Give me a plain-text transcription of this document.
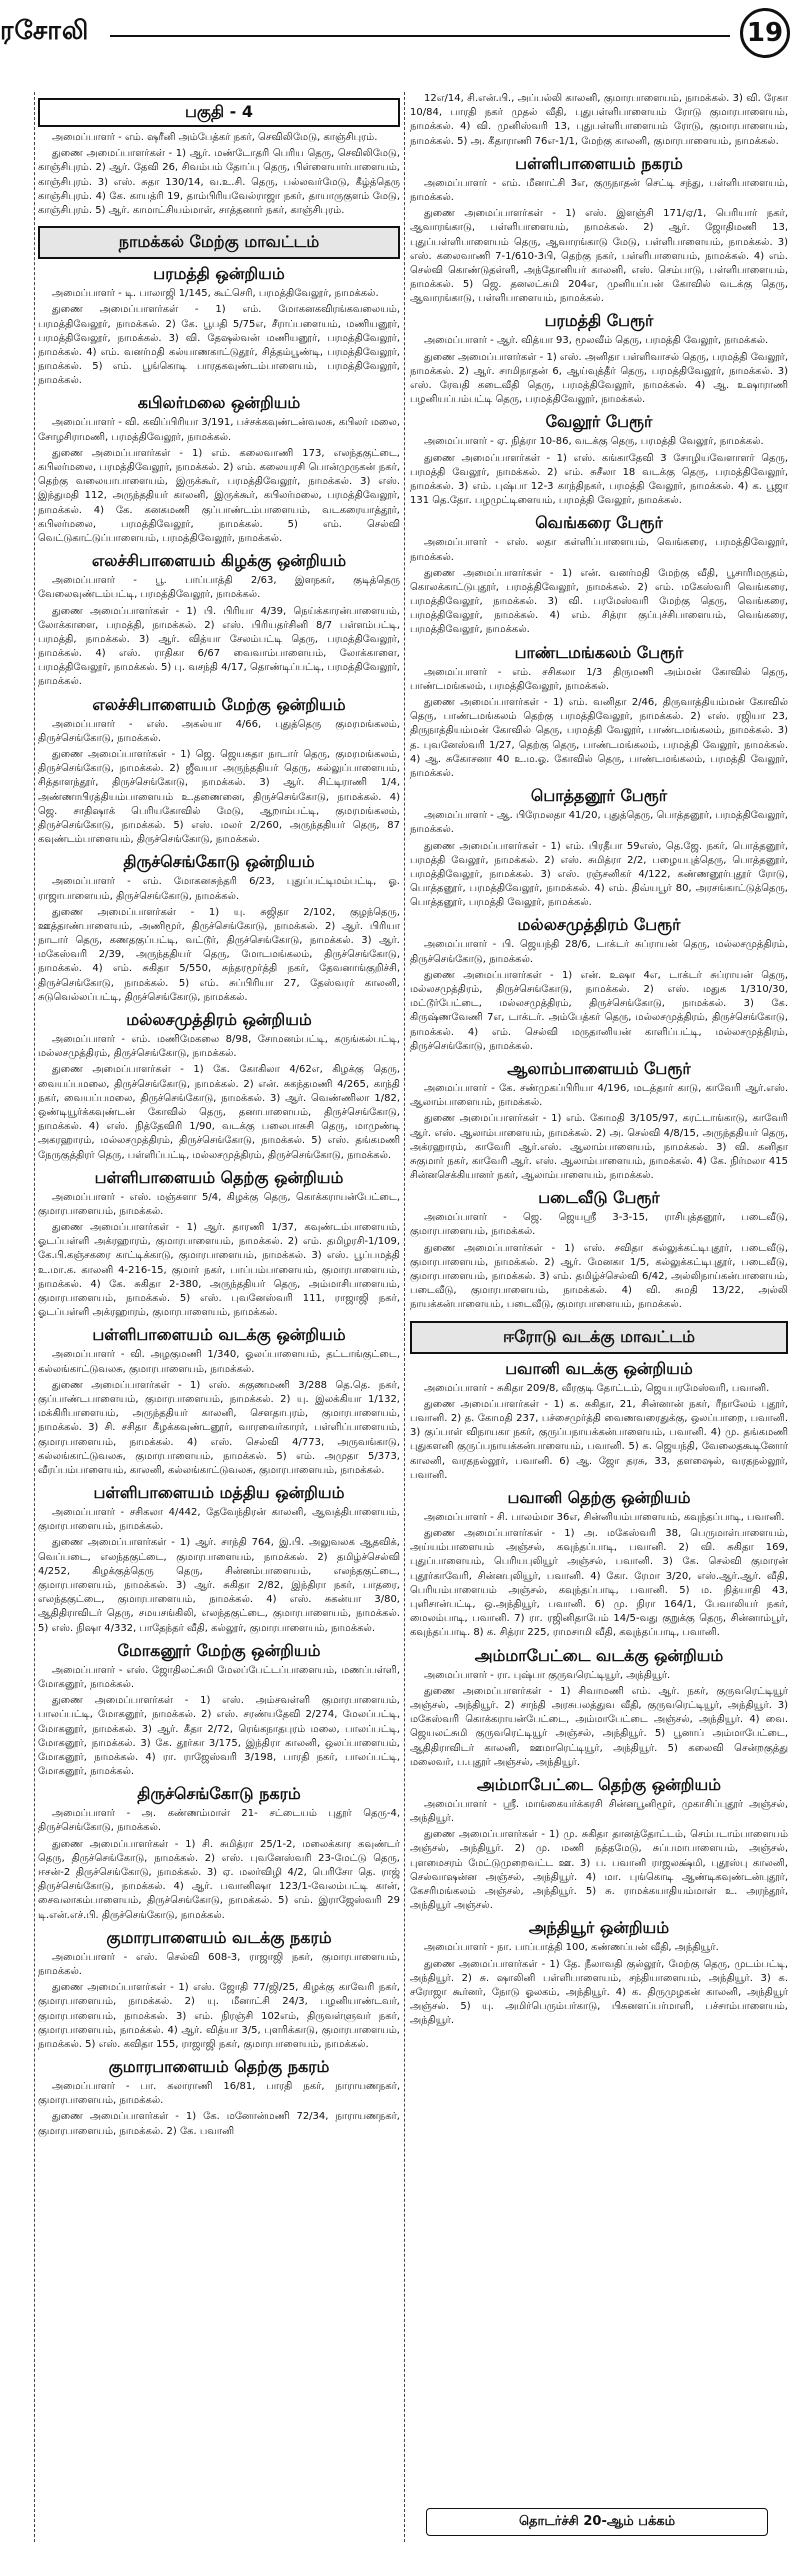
ரசோலி	19
பகுதி - 4
அமைப்பாளர் - எம். ஷரீனி அம்பேத்கர் நகர், செவிலிமேடு, காஞ்சிபுரம்.
துணை அமைப்பாளர்கள் - 1) ஆர். மண்டோதரி பெரிய தெரு, செவிலிமேடு, காஞ்சிபுரம். 2) ஆர். தேவி 26, சிவம்பம் தோப்பு தெரு, பிள்ளையார்பாளையம், காஞ்சிபுரம். 3) எஸ். சுதா 130/14, வ.உ.சி. தெரு, பல்லவர்மேடு, கீழ்த்தெரு காஞ்சிபுரம். 4) கே. காயத்ரி 19, தாம்பிரியவேல்ராஜா நகர், தாயாருகுளம் மேடு, காஞ்சிபுரம். 5) ஆர். காமாட்சியம்மாள், சாத்தனார் நகர், காஞ்சிபுரம்.
நாமக்கல் மேற்கு மாவட்டம்
பரமத்தி ஒன்றியம்
அமைப்பாளர் - டி. பாலாஜி 1/145, கூட்செரி, பரமத்திவேலூர், நாமக்கல்.
துணை அமைப்பாளர்கள் - 1) எம். மோகனகவிரங்கவலையம், பரமத்திவேலூர், நாமக்கல். 2) கே. பூபதி 5/75எ, சீராப்பளையம், மணியனூர், பரமத்திவேலூர், நாமக்கல். 3) வி. தேஷல்வன் மணியனூர், பரமத்திவேலூர், நாமக்கல். 4) எம். வனர்மதி கல்யாணகாட்டுதூர், சித்தம்பூண்டி, பரமத்திவேலூர், நாமக்கல். 5) எம். பூங்கொடி பாரதகவுண்டம்பாளையம், பரமத்திவேலூர், நாமக்கல்.
கபிலர்மலை ஒன்றியம்
அமைப்பாளர் - வி. கவிப்பிரியா 3/191, பச்சக்கவுண்டன்வலசு, கபிலர் மலை, சோழசிராமணி, பரமத்திவேலூர், நாமக்கல்.
துணை அமைப்பாளர்கள் - 1) எம். கலைவாணி 173, எலந்தகுட்டை, கபிலர்மலை, பரமத்திவேலூர், நாமக்கல். 2) எம். கலையரசி பொன்முருகன் நகர், தெற்கு வலையாபாளையம், இருக்கூர், பரமத்திவேலூர், நாமக்கல். 3) எஸ். இந்துமதி 112, அருந்ததியர் காலனி, இருக்கூர், கபிலர்மலை, பரமத்திவேலூர், நாமக்கல். 4) கே. கனகமணி குப்பாண்டம்பாளையம், வடகரையாத்தூர், கபிலர்மலை, பரமத்திவேலூர், நாமக்கல். 5) எம். செல்வி வெட்டுகாட்டுப்பாளையம், பரமத்திவேலூர், நாமக்கல்.
எலச்சிபாளையம் கிழக்கு ஒன்றியம்
அமைப்பாளர் - பூ. பாப்பாத்தி 2/63, இளநகர், குடித்தெரு வேலைவுண்டம்பட்டி, பரமத்திவேலூர், நாமக்கல்.
துணை அமைப்பாளர்கள் - 1) பி. பிரியா 4/39, நெய்க்காரன்பாளையம், லோக்காளை, பரமத்தி, நாமக்கல். 2) எஸ். பிரியதர்சினி 8/7 பள்ளம்பட்டி, பரமத்தி, நாமக்கல். 3) ஆர். வித்யா சேலம்பட்டி தெரு, பரமத்திவேலூர், நாமக்கல். 4) எஸ். ராதிகா 6/67 வைவாம்பாளையம், லோக்காளை, பரமத்திவேலூர், நாமக்கல். 5) பு. வசந்தி 4/17, தொண்டிப்பட்டி, பரமத்திவேலூர், நாமக்கல்.
எலச்சிபாளையம் மேற்கு ஒன்றியம்
அமைப்பாளர் - எஸ். அகல்யா 4/66, புதுத்தெரு குமரமங்கலம், திருச்செங்கோடு, நாமக்கல்.
துணை அமைப்பாளர்கள் - 1) ஜெ. ஜெயசுதா நாடார் தெரு, குமரமங்கலம், திருச்செங்கோடு, நாமக்கல். 2) ஜீவயா அருந்ததியர் தெரு, கல்லுப்பாளையம், சித்தாளந்தூர், திருச்செங்கோடு, நாமக்கல். 3) ஆர். சிட்டிராணி 1/4, அண்ணாபிரத்தியம்பாளையம் உ.தணைனை, திருச்செங்கோடு, நாமக்கல். 4) ஜெ. சாதிஷாக் பெரியகோவில் மேடு, ஆறாம்பட்டி, குமரமங்கலம், திருச்செங்கோடு, நாமக்கல். 5) எஸ். மலர் 2/260, அருந்ததியர் தெரு, 87 கவுண்டம்பாளையம், திருச்செங்கோடு, நாமக்கல்.
திருச்செங்கோடு ஒன்றியம்
அமைப்பாளர் - எம். மோகனசுந்தரி 6/23, புதுப்பட்டிமம்பட்டி, ஓ. ராஜாபாளையம், திருச்செங்கோடு, நாமக்கல்.
துணை அமைப்பாளர்கள் - 1) யு. சுஜிதா 2/102, குழந்தெரு, ஊத்தாண்பாளையம், அணிமூர், திருச்செங்கோடு, நாமக்கல். 2) ஆர். பிரியா நாடார் தெரு, கணதகுப்பட்டி, வட்டூர், திருச்செங்கோடு, நாமக்கல். 3) ஆர். மகேஸ்வரி 2/39, அருந்ததியர் தெரு, மோடமங்கலம், திருச்செங்கோடு, நாமக்கல். 4) எம். சுகிதா 5/550, சுந்தரமூர்த்தி நகர், தேவனாங்குறிச்சி, திருச்செங்கோடு, நாமக்கல். 5) எம். சுப்பிரியா 27, தேஸ்வரர் காலனி, சுடுவெல்லப்பட்டி, திருச்செங்கோடு, நாமக்கல்.
மல்லசமுத்திரம் ஒன்றியம்
அமைப்பாளர் - எம். மணிமேகலை 8/98, சோமனம்பட்டி, கருங்கல்பட்டி, மல்லசமுத்திரம், திருச்செங்கோடு, நாமக்கல்.
துணை அமைப்பாளர்கள் - 1) கே. கோகிலா 4/62எ, கிழக்கு தெரு, வையப்பமலை, திருச்செங்கோடு, நாமக்கல். 2) என். சுகந்தமணி 4/265, காந்தி நகர், வையப்பமலை, திருச்செங்கோடு, நாமக்கல். 3) ஆர். வெண்ணிலா 1/82, ஒண்டியூர்க்கவுண்டன் கோவில் தெரு, தனாபாளையம், திருச்செங்கோடு, நாமக்கல். 4) எஸ். நித்தேவிரி 1/90, வடக்கு பலைபாசுசி தெரு, மாமுண்டி அகரஹாரம், மல்லசமுத்திரம், திருச்செங்கோடு, நாமக்கல். 5) எஸ். தங்கமணி நேருகுத்திரர் தெரு, பள்ளிப்பட்டி, மல்லசமுத்திரம், திருச்செங்கோடு, நாமக்கல்.
பள்ளிபாளையம் தெற்கு ஒன்றியம்
அமைப்பாளர் - எஸ். மஞ்சுளா 5/4, கிழக்கு தெரு, கொக்கராயன்பேட்டை, குமாரபாளையம், நாமக்கல்.
துணை அமைப்பாளர்கள் - 1) ஆர். தாரணி 1/37, கவுண்டம்பாளையம், ஓடப்பள்ளி அக்ரஹாரம், குமாரபாளையம், நாமக்கல். 2) எம். தமிழரசி-1/109, கே.பி.கஞ்சகரை காட்டிக்காடு, குமாரபாளையம், நாமக்கல். 3) எஸ். பூப்பமத்தி உ.மா.க. காலனி 4-216-15, குமார் நகர், பாப்பம்பாளையம், குமாரபாளையம், நாமக்கல். 4) கே. சுகிதா 2-380, அருந்ததியர் தெரு, அம்மாசிபாளையம், குமாரபாளையம், நாமக்கல். 5) எஸ். புவனேஸ்வரி 111, ராஜாஜி நகர், ஓடப்பள்ளி அக்ரஹாரம், குமாரபாளையம், நாமக்கல்.
பள்ளிபாளையம் வடக்கு ஒன்றியம்
அமைப்பாளர் - வி. அழகுமணி 1/340, ஓலப்பாளையம், தட்டாங்குட்டை, கல்லங்காட்டுவலசு, குமாரபாளையம், நாமக்கல்.
துணை அமைப்பாளர்கள் - 1) எஸ். சுகுணமணி 3/288 தெ.தெ. நகர், குப்பாண்டபாளையம், குமாரபாளையம், நாமக்கல். 2) யு. இலக்கியா 1/132, மக்கிரிபாளையம், அருந்ததியர் காலனி, செளதாபுரம், குமாரபாளையம், நாமக்கல். 3) சி. சசிதா கீழக்கவுண்டனூர், வாரவைர்காரர், பள்ளிப்பாளையம், குமாரபாளையம், நாமக்கல். 4) எஸ். செல்வி 4/773, அருவங்காடு, கல்லங்காட்டுவலசு, குமாரபாளையம், நாமக்கல். 5) எம். அமுதா 5/373, வீரப்பம்பாளையம், காலனி, கல்லங்காட்டுவலசு, குமாரபாளையம், நாமக்கல்.
பள்ளிபாளையம் மத்திய ஒன்றியம்
அமைப்பாளர் - சசிகலா 4/442, தேவேந்திரன் காலனி, ஆவத்திபாளையம், குமாரபாளையம், நாமக்கல்.
துணை அமைப்பாளர்கள் - 1) ஆர். சாந்தி 764, இ.பி. அலுவலக ஆதவிக், வெப்படை, எலந்தகுட்டை, குமாரபாளையம், நாமக்கல். 2) தமிழ்ச்செல்வி 4/252, கிழக்குத்தெரு தெரு, சின்னம்பாளையம், எலந்தகுட்டை, குமாரபாளையம், நாமக்கல். 3) ஆர். சுகிதா 2/82, இந்திரா நகர், பாதரை, எலந்தகுட்டை, குமாரபாளையம், நாமக்கல். 4) எஸ். சுகன்யா 3/80, ஆதிதிராவிடர் தெரு, சமயசங்கிலி, எலந்தகுட்டை, குமாரபாளையம், நாமக்கல். 5) எஸ். நிஷா 4/332, பாதேந்தர் வீதி, கல்லூர், குமாரபாளையம், நாமக்கல்.
மோகனூர் மேற்கு ஒன்றியம்
அமைப்பாளர் - எஸ். ஜோதிலட்சுமி மேலப்பேட்டப்பாளையம், மணப்பள்ளி, மோகனூர், நாமக்கல்.
துணை அமைப்பாளர்கள் - 1) எஸ். அம்சவள்ளி குமாரபாளையம், பாலப்பட்டி, மோகனூர், நாமக்கல். 2) எஸ். சரண்யதேவி 2/274, மேலப்பட்டி, மோகனூர், நாமக்கல். 3) ஆர். கீதா 2/72, ரெங்கநாதபுரம் மலை, பாலப்பட்டி, மோகனூர், நாமக்கல். 3) கே. தூர்கா 3/175, இந்திரா காலனி, ஒலப்பாளையம், மோகனூர், நாமக்கல். 4) ரா. ராஜேஸ்வரி 3/198, பாரதி நகர், பாலப்பட்டி, மோகனூர், நாமக்கல்.
திருச்செங்கோடு நகரம்
அமைப்பாளர் - அ. கண்ணம்மாள் 21- சட்டையம் புதூர் தெரு-4, திருச்செங்கோடு, நாமக்கல்.
துணை அமைப்பாளர்கள் - 1) சி. சுமித்ரா 25/1-2, மலைக்கார கவுண்டர் தெரு, திருச்செங்கோடு, நாமக்கல். 2) எஸ். புவனேஸ்வரி 23-மேட்டு தெரு, ஈசன்-2 திருச்செங்கோடு, நாமக்கல். 3) ஏ. மலர்விழி 4/2, பெரிசோ தெ. ராஜ் திருச்செங்கோடு, நாமக்கல். 4) ஆர். பவானிஷா 123/1-வேலம்பட்டி கான், சைவலாகம்பாளையம், திருச்செங்கோடு, நாமக்கல். 5) எம். இராஜேஸ்வரி 29 டி.என்.எச்.பி. திருச்செங்கோடு, நாமக்கல்.
குமாரபாளையம் வடக்கு நகரம்
அமைப்பாளர் - எஸ். செல்வி 608-3, ராஜாஜி நகர், குமாரபாளையம், நாமக்கல்.
துணை அமைப்பாளர்கள் - 1) எஸ். ஜோதி 77/ஜி/25, கிழக்கு காவேரி நகர், குமாரபாளையம், நாமக்கல். 2) யு. மீனாட்சி 24/3, பழனியாண்டவர், குமாரபாளையம், நாமக்கல். 3) எம். நிரஞ்சி 102எம், திருவள்ளுவர் நகர், குமாரபாளையம், நாமக்கல். 4) ஆர். வித்யா 3/5, புளரிக்காடு, குமாரபாளையம், நாமக்கல். 5) எஸ். கவிதா 155, ராஜாஜி நகர், குமாரபாளையம், நாமக்கல்.
குமாரபாளையம் தெற்கு நகரம்
அமைப்பாளர் - பா. கலாராணி 16/81, பாரதி நகர், நாராயணநகர், குமாரபாளையம், நாமக்கல்.
துணை அமைப்பாளர்கள் - 1) கே. மனோன்மணி 72/34, நாராயணநகர், குமாரபாளையம், நாமக்கல். 2) கே. பவானி
12எ/14, சி.என்.பி., அப்பல்லி காலனி, குமாரபாளையம், நாமக்கல். 3) வி. ரேகா 10/84, பாரதி நகர் முதல் வீதி, புதுபள்ளிபாளையம் ரோடு குமாரபாளையம், நாமக்கல். 4) வி. முனிஸ்வரி 13, புதுபள்ளிபாளையம் ரோடு, குமாரபாளையம், நாமக்கல். 5) அ. கீதாராணி 76எ-1/1, மேற்கு காலனி, குமாரபாளையம், நாமக்கல்.
பள்ளிபாளையம் நகரம்
அமைப்பாளர் - எம். மீனாட்சி 3எ, குருநாதன் செட்டி சந்து, பள்ளிபாளையம், நாமக்கல்.
துணை அமைப்பாளர்கள் - 1) எஸ். இளஞ்சி 171/ஏ/1, பெரியார் நகர், ஆவாரங்காடு, பள்ளிபாளையம், நாமக்கல். 2) ஆர். ஜோதிமணி 13, புதுப்பள்ளிபாளையம் தெரு, ஆவாரங்காடு மேடு, பள்ளிபாளையம், நாமக்கல். 3) எஸ். கலைவாணி 7-1/610-3பி, தெற்கு நகர், பள்ளிபாளையம், நாமக்கல். 4) எம். செல்வி கொண்டுதள்ளி, அந்தோனியர் காலனி, எஸ். செம்பாடு, பள்ளிபாளையம், நாமக்கல். 5) ஜெ. தனலட்சுமி 204எ, முனியப்பன் கோவில் வடக்கு தெரு, ஆவாரங்காடு, பள்ளிபாளையம், நாமக்கல்.
பரமத்தி பேரூர்
அமைப்பாளர் - ஆர். வித்யா 93, மூலவீம் தெரு, பரமத்தி வேலூர், நாமக்கல்.
துணை அமைப்பாளர்கள் - 1) எஸ். அனிதா பள்ளிவாசல் தெரு, பரமத்தி வேலூர், நாமக்கல். 2) ஆர். சாமிநாதன் 6, ஆய்வுத்தீர் தெரு, பரமத்திவேலூர், நாமக்கல். 3) எஸ். ரேவதி கடைவீதி தெரு, பரமத்திவேலூர், நாமக்கல். 4) ஆ. உஷாராணி பழனியப்பம்பட்டி தெரு, பரமத்திவேலூர், நாமக்கல்.
வேலூர் பேரூர்
அமைப்பாளர் - ஏ. நித்ரா 10-86, வடக்கு தெரு, பரமத்தி வேலூர், நாமக்கல்.
துணை அமைப்பாளர்கள் - 1) எஸ். கங்காதேவி 3 சோழியவேளாளர் தெரு, பரமத்தி வேலூர், நாமக்கல். 2) எம். சுசீலா 18 வடக்கு தெரு, பரமத்திவேலூர், நாமக்கல். 3) எம். புஷ்பா 12-3 காந்திநகர், பரமத்தி வேலூர், நாமக்கல். 4) க. பூஜா 131 தெ.தோ. பழமுட்டிளையம், பரமத்தி வேலூர், நாமக்கல்.
வெங்கரை பேரூர்
அமைப்பாளர் - எஸ். லதா கள்ளிப்பாளையம், வெங்கரை, பரமத்திவேலூர், நாமக்கல்.
துணை அமைப்பாளர்கள் - 1) என். வனர்மதி மேற்கு வீதி, பூசாரிமருதம், கொலக்காட்டுபுதூர், பரமத்திவேலூர், நாமக்கல். 2) எம். மகேஸ்வரி வெங்கரை, பரமத்திவேலூர், நாமக்கல். 3) வி. பரமேஸ்வரி மேற்கு தெரு, வெங்கரை, பரமத்திவேலூர், நாமக்கல். 4) எம். சித்ரா குப்புச்சிபாளையம், வெங்கரை, பரமத்திவேலூர், நாமக்கல்.
பாண்டமங்கலம் பேரூர்
அமைப்பாளர் - எம். சசிகலா 1/3 திருமணி அம்மன் கோவில் தெரு, பாண்டமங்கலம், பரமத்திவேலூர், நாமக்கல்.
துணை அமைப்பாளர்கள் - 1) எம். வனிதா 2/46, திருவாத்தியம்மன் கோவில் தெரு, பாண்டமங்கலம் தெற்கு பரமத்திவேலூர், நாமக்கல். 2) எஸ். ரஜியா 23, திருநாத்தியம்மன் கோவில் தெரு, பரமத்தி வேலூர், பாண்டமங்கலம், நாமக்கல். 3) த. புவனேஸ்வரி 1/27, தெற்கு தெரு, பாண்டமங்கலம், பரமத்தி வேலூர், நாமக்கல். 4) ஆ. சுகோசனா 40 உ.ம.ஓ. கோவில் தெரு, பாண்டமங்கலம், பரமத்தி வேலூர், நாமக்கல்.
பொத்தனூர் பேரூர்
அமைப்பாளர் - ஆ. பிரேமலதா 41/20, புதுத்தெரு, பொத்தனூர், பரமத்திவேலூர், நாமக்கல்.
துணை அமைப்பாளர்கள் - 1) எம். பிரதீபா 59எஸ், தெ.ஜே. நகர், பொத்தனூர், பரமத்தி வேலூர், நாமக்கல். 2) எஸ். சுமித்ரா 2/2, பழையபுத்தெரு, பொத்தனூர், பரமத்திவேலூர், நாமக்கல். 3) எஸ். ரஞ்சனிகர் 4/122, கண்ணனூர்புதூர் ரோடு, பொத்தனூர், பரமத்திவேலூர், நாமக்கல். 4) எம். திவ்யபூர் 80, அரசங்காட்டுத்தெரு, பொத்தனூர், பரமத்தி வேலூர், நாமக்கல்.
மல்லசமுத்திரம் பேரூர்
அமைப்பாளர் - பி. ஜெயந்தி 28/6, டாக்டர் சுப்ராயன் தெரு, மல்லசமுத்திரம், திருச்செங்கோடு, நாமக்கல்.
துணை அமைப்பாளர்கள் - 1) என். உஷா 4எ, டாக்டர் சுப்ராயன் தெரு, மல்லசமுத்திரம், திருச்செங்கோடு, நாமக்கல். 2) எஸ். மதுக 1/310/30, மட்டூர்பேட்டை, மல்லசமுத்திரம், திருச்செங்கோடு, நாமக்கல். 3) கே. கிருஷ்ணவேணி 7எ, டாக்டர். அம்பேத்கர் தெரு, மல்லசமுத்திரம், திருச்செங்கோடு, நாமக்கல். 4) எம். செல்வி மருதானியன் காளிப்பட்டி, மல்லசமுத்திரம், திருச்செங்கோடு, நாமக்கல்.
ஆலாம்பாளையம் பேரூர்
அமைப்பாளர் - கே. சண்முகப்பிரியா 4/196, மடத்தார் காடு, காவேரி ஆர்.எஸ். ஆலாம்பாளையம், நாமக்கல்.
துணை அமைப்பாளர்கள் - 1) எம். கோமதி 3/105/97, கரட்டாங்காடு, காவேரி ஆர். எஸ். ஆலாம்பாளையம், நாமக்கல். 2) அ. செல்வி 4/8/15, அருந்ததியர் தெரு, அக்ரஹாரம், காவேரி ஆர்.எஸ். ஆலாம்பாளையம், நாமக்கல். 3) வி. கனிதா சுகுமார் நகர், காவேரி ஆர். எஸ். ஆலாம்பாளையம், நாமக்கல். 4) கே. நிர்மலா 415 சின்னசெக்கியானர் நகர், ஆலாம்பாளையம், நாமக்கல்.
படைவீடு பேரூர்
அமைப்பாளர் - ஜெ. ஜெயஸ்ரீ 3-3-15, ராசிபுத்தனூர், படைவீடு, குமாரபாளையம், நாமக்கல்.
துணை அமைப்பாளர்கள் - 1) எஸ். சவிதா கல்லுக்கட்டிபுதூர், படைவீடு, குமாரபாளையம், நாமக்கல். 2) ஆர். மேனகா 1/5, கல்லுக்கட்டிபுதூர், படைவீடு, குமாரபாளையம், நாமக்கல். 3) எம். தமிழ்ச்செல்வி 6/42, அல்லிநாய்கன்பாளையம், படைவீடு, குமாரபாளையம், நாமக்கல். 4) வி. சுமதி 13/22, அல்லி நாயக்கன்பாளையம், படைவீடு, குமாரபாளையம், நாமக்கல்.
ஈரோடு வடக்கு மாவட்டம்
பவானி வடக்கு ஒன்றியம்
அமைப்பாளர் - சுகிதா 209/8, வீரகுடி தோட்டம், ஜெயபரமேஸ்வரி, பவானி.
துணை அமைப்பாளர்கள் - 1) க. சுகிதா, 21, சின்னான் நகர், ரீநாலேம் புதூர், பவானி. 2) த. கோமதி 237, பச்சைமுர்த்தி வைணவரைதுக்கு, ஒலப்பாறை, பவானி. 3) குப்பாள் விநாயகா நகர், குருப்பநாயக்கன்பாளையம், பவானி. 4) மு. தங்கமணி புதுகளனி குருப்பநாயக்கன்பாளையம், பவானி. 5) க. ஜெயந்தி, வேலைதகூடினோர் காலனி, வரதநல்லூர், பவானி. 6) ஆ. ஜோ தரசு, 33, தளஷைல், வரதநல்லூர், பவானி.
பவானி தெற்கு ஒன்றியம்
அமைப்பாளர் - சி. பாலம்மா 36எ, சின்னியம்பாளையம், கவுந்தப்பாடி, பவானி.
துணை அமைப்பாளர்கள் - 1) அ. மகேஸ்வரி 38, பெருமாள்பாளையம், அய்யம்பாளையம் அஞ்சல், கவுந்தப்பாடி, பவானி. 2) வி. சுகிதா 169, புதுப்பாளையம், பெரியபுலியூர் அஞ்சல், பவானி. 3) கே. செல்வி குமாரன் புதூர்காவேரி, சின்னபுலியூர், பவானி. 4) கோ. ரேமா 3/20, எஸ்.ஆர்.ஆர். வீதி, பெரியம்பாளையம் அஞ்சல், கவுந்தப்பாடி, பவானி. 5) ம. நித்யாதி 43, புளிசான்பட்டி, ஒ.அந்தியூர், பவானி. 6) மு. நிரா 164/1, பேவாலியர் நகர், மைலம்பாடி, பவானி. 7) ரா. ரஜினிதாபேம் 14/5-வது குறுக்கு தெரு, சின்னாம்பூர், கவுந்தப்பாடி. 8) க. சித்ரா 225, ராமசாமி வீதி, கவுந்தப்பாடி, பவானி.
அம்மாபேட்டை வடக்கு ஒன்றியம்
அமைப்பாளர் - ரா. புஷ்பா குருவரெட்டியூர், அந்தியூர்.
துணை அமைப்பாளர்கள் - 1) சிவாமணி எம். ஆர். நகர், குருவரெட்டியூர் அஞ்சல், அந்தியூர். 2) சாந்தி அரசுபலத்துவ வீதி, குருவரெட்டியூர், அந்தியூர். 3) மகேஸ்வரி கொக்கராயன்பேட்டை, அம்மாபேட்டை அஞ்சல், அந்தியூர். 4) வை. ஜெயலட்சுமி குருவரெட்டியூர் அஞ்சல், அந்தியூர். 5) பூனாப் அம்மாபேட்டை, ஆதிதிராவிடர் காலனி, ஊமாரெட்டியூர், அந்தியூர். 5) கலைவி சென்றகுத்து மலைவர், ப.புதூர் அஞ்சல், அந்தியூர்.
அம்மாபேட்டை தெற்கு ஒன்றியம்
அமைப்பாளர் - ஸ்ரீ. மாங்கையர்க்கரசி சின்னபூனிழூர், முகாசிப்புதூர் அஞ்சல், அந்தியூர்.
துணை அமைப்பாளர்கள் - 1) மு. சுகிதா தானத்தோட்டம், செம்படாம்பாளையம் அஞ்சல், அந்தியூர். 2) மு. மணி நத்தமேடு, சுப்பமாபாளையம், அஞ்சல், புளமைசரம் மேட்டுமுறைவட்ட ஊ. 3) ப. பவானி ராஜலக்ஷ்மி, புதூஸ்பு காலனி, செல்வாஷன்ன அஞ்சல், அந்தியூர். 4) மா. புங்கொடி ஆண்டிகவுண்டன்புதூர், கேசரிமங்கலம் அஞ்சல், அந்தியூர். 5) சு. ராமக்கயாதியம்மாள் உ. அரந்தூர், அந்தியூர் அஞ்சல்.
அந்தியூர் ஒன்றியம்
அமைப்பாளர் - நா. பாப்பாத்தி 100, கண்ணப்பன் வீதி, அந்தியூர்.
துணை அமைப்பாளர்கள் - 1) தே. நீலாவதி குல்லூர், மேற்கு தெரு, முடம்பட்டி, அந்தியூர். 2) சு. ஷாலினி பள்ளிபாளையம், சந்தியாளையம், அந்தியூர். 3) க. சரோஜா கூர்னர், நோடு ஓலகம், அந்தியூர். 4) க. திருமுழகன் காலனி, அந்தியூர் அஞ்சல். 5) யு. அமிர்பெரும்பர்காடு, பிசுனளப்பர்மாளி, பச்சாம்பாளையம், அந்தியூர்.
தொடர்ச்சி 20-ஆம் பக்கம்
